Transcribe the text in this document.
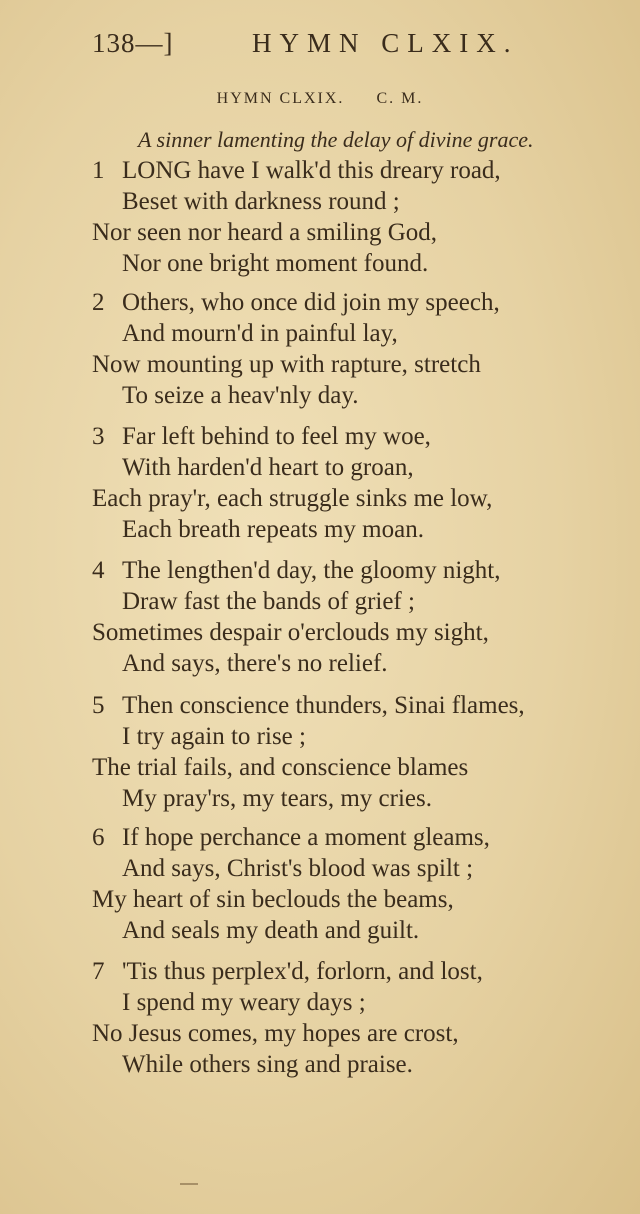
138—]	HYMN CLXIX.
HYMN CLXIX. C. M.
A sinner lamenting the delay of divine grace.
1 LONG have I walk'd this dreary road,
Beset with darkness round ;
Nor seen nor heard a smiling God,
Nor one bright moment found.
2 Others, who once did join my speech,
And mourn'd in painful lay,
Now mounting up with rapture, stretch
To seize a heav'nly day.
3 Far left behind to feel my woe,
With harden'd heart to groan,
Each pray'r, each struggle sinks me low,
Each breath repeats my moan.
4 The lengthen'd day, the gloomy night,
Draw fast the bands of grief ;
Sometimes despair o'erclouds my sight,
And says, there's no relief.
5 Then conscience thunders, Sinai flames,
I try again to rise ;
The trial fails, and conscience blames
My pray'rs, my tears, my cries.
6 If hope perchance a moment gleams,
And says, Christ's blood was spilt ;
My heart of sin beclouds the beams,
And seals my death and guilt.
7 'Tis thus perplex'd, forlorn, and lost,
I spend my weary days ;
No Jesus comes, my hopes are crost,
While others sing and praise.
